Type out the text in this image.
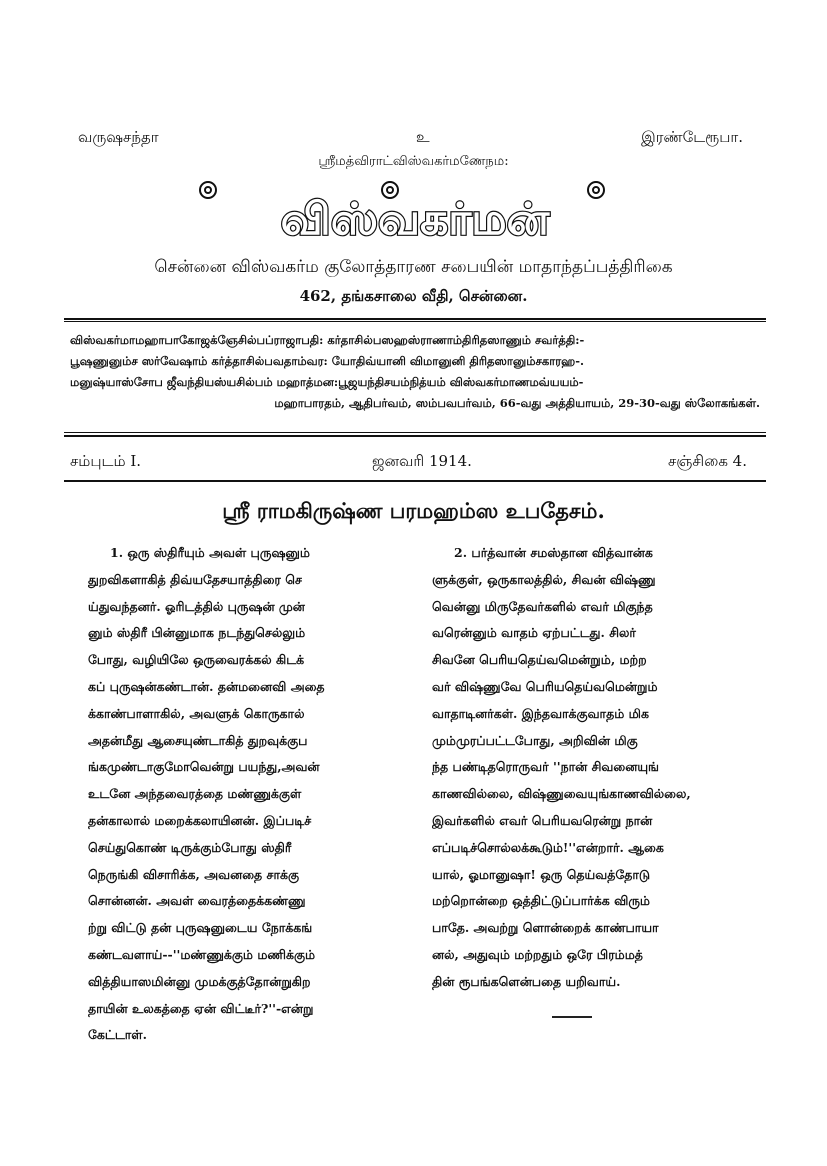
வருஷசந்தா	உ	இரண்டேரூபா.
ஸ்ரீமத்விராட்விஸ்வகர்மணேநம:
விஸ்வகர்மன்
சென்னை விஸ்வகர்ம குலோத்தாரண சபையின் மாதாந்தப்பத்திரிகை
462, தங்கசாலை வீதி, சென்னை.
விஸ்வகர்மாமஹாபாகோஜக்ஞேசில்பப்ராஜாபதி: கர்தாசில்பஸஹஸ்ராணாம்திரிதஸாணும் சவர்த்தி:-
பூஷணுனும்ச ஸர்வேஷாம் கர்த்தாசில்பவதாம்வர: யோதிவ்யானி விமானுனி திரிதஸானும்சகாரஹ-.
மனுஷ்யாஸ்சோப ஜீவந்தியஸ்யசில்பம் மஹாத்மன:பூஜயந்திசயம்நித்யம் விஸ்வகர்மாணமவ்யயம்-
மஹாபாரதம், ஆதிபர்வம், ஸம்பவபர்வம், 66-வது அத்தியாயம், 29-30-வது ஸ்லோகங்கள்.
சம்புடம் I.	ஜனவரி 1914.	சஞ்சிகை 4.
ஸ்ரீ ராமகிருஷ்ண பரமஹம்ஸ உபதேசம்.
1. ஒரு ஸ்திரீயும் அவள் புருஷனும்
துறவிகளாகித் திவ்யதேசயாத்திரை செ
ய்துவந்தனர். ஓரிடத்தில் புருஷன் முன்
னும் ஸ்திரீ பின்னுமாக நடந்துசெல்லும்
போது, வழியிலே ஒருவைரக்கல் கிடக்
கப் புருஷன்கண்டான். தன்மனைவி அதை
க்காண்பாளாகில், அவளுக் கொருகால்
அதன்மீது ஆசையுண்டாகித் துறவுக்குப
ங்கமுண்டாகுமோவென்று பயந்து,அவன்
உடனே அந்தவைரத்தை மண்ணுக்குள்
தன்காலால் மறைக்கலாயினன். இப்படிச்
செய்துகொண் டிருக்கும்போது ஸ்திரீ
நெருங்கி விசாரிக்க, அவனதை சாக்கு
சொன்னன். அவள் வைரத்தைக்கண்ணு
ற்று விட்டு தன் புருஷனுடைய நோக்கங்
கண்டவளாய்--''மண்ணுக்கும் மணிக்கும்
வித்தியாஸமின்னு முமக்குத்தோன்றுகிற
தாயின் உலகத்தை ஏன் விட்டீர்?''-என்று
கேட்டாள்.
2. பர்த்வான் சமஸ்தான வித்வான்க
ளுக்குள், ஒருகாலத்தில், சிவன் விஷ்ணு
வென்னு மிருதேவர்களில் எவர் மிகுந்த
வரென்னும் வாதம் ஏற்பட்டது. சிலர்
சிவனே பெரியதெய்வமென்றும், மற்ற
வர் விஷ்ணுவே பெரியதெய்வமென்றும்
வாதாடினர்கள். இந்தவாக்குவாதம் மிக
மும்முரப்பட்டபோது, அறிவின் மிகு
ந்த பண்டிதரொருவர் ''நான் சிவனையுங்
காணவில்லை, விஷ்ணுவையுங்காணவில்லை,
இவர்களில் எவர் பெரியவரென்று நான்
எப்படிச்சொல்லக்கூடும்!''என்றார். ஆகை
யால், ஓமானுஷா! ஒரு தெய்வத்தோடு
மற்றொன்றை ஒத்திட்டுப்பார்க்க விரும்
பாதே. அவற்று ளொன்றைக் காண்பாயா
னல், அதுவும் மற்றதும் ஒரே பிரம்மத்
தின் ரூபங்களென்பதை யறிவாய்.
